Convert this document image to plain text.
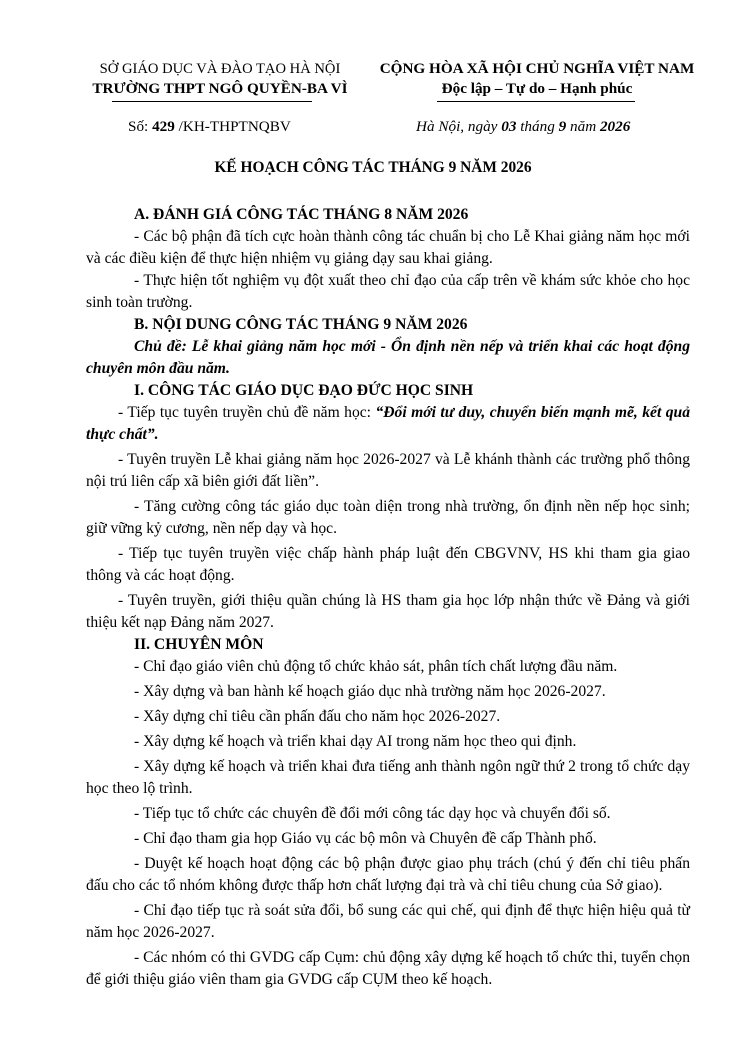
SỞ GIÁO DỤC VÀ ĐÀO TẠO HÀ NỘI

TRƯỜNG THPT NGÔ QUYỀN-BA VÌ

CỘNG HÒA XÃ HỘI CHỦ NGHĨA VIỆT NAM

Độc lập – Tự do – Hạnh phúc

Số: 429 /KH-THPTNQBV	Hà Nội, ngày 03 tháng 9 năm 2026
KẾ HOẠCH CÔNG TÁC THÁNG 9 NĂM 2026

A. ĐÁNH GIÁ CÔNG TÁC THÁNG 8 NĂM 2026

- Các bộ phận đã tích cực hoàn thành công tác chuẩn bị cho Lễ Khai giảng năm học mới và các điều kiện để thực hiện nhiệm vụ giảng dạy sau khai giảng.

- Thực hiện tốt nghiệm vụ đột xuất theo chỉ đạo của cấp trên về khám sức khỏe cho học sinh toàn trường.

B. NỘI DUNG CÔNG TÁC THÁNG 9 NĂM 2026

Chủ đề: Lễ khai giảng năm học mới - Ổn định nền nếp và triển khai các hoạt động chuyên môn đầu năm.

I. CÔNG TÁC GIÁO DỤC ĐẠO ĐỨC HỌC SINH

- Tiếp tục tuyên truyền chủ đề năm học: “Đổi mới tư duy, chuyển biến mạnh mẽ, kết quả thực chất”.

- Tuyên truyền Lễ khai giảng năm học 2026-2027 và Lễ khánh thành các trường phổ thông nội trú liên cấp xã biên giới đất liền”.

- Tăng cường công tác giáo dục toàn diện trong nhà trường, ổn định nền nếp học sinh; giữ vững kỷ cương, nền nếp dạy và học.

- Tiếp tục tuyên truyền việc chấp hành pháp luật đến CBGVNV, HS khi tham gia giao thông và các hoạt động.

- Tuyên truyền, giới thiệu quần chúng là HS tham gia học lớp nhận thức về Đảng và giới thiệu kết nạp Đảng năm 2027.

II. CHUYÊN MÔN

- Chỉ đạo giáo viên chủ động tổ chức khảo sát, phân tích chất lượng đầu năm.

- Xây dựng và ban hành kế hoạch giáo dục nhà trường năm học 2026-2027.

- Xây dựng chỉ tiêu cần phấn đấu cho năm học 2026-2027.

- Xây dựng kế hoạch và triển khai dạy AI trong năm học theo qui định.

- Xây dựng kế hoạch và triển khai đưa tiếng anh thành ngôn ngữ thứ 2 trong tổ chức dạy học theo lộ trình.

- Tiếp tục tổ chức các chuyên đề đổi mới công tác dạy học và chuyển đổi số.

- Chỉ đạo tham gia họp Giáo vụ các bộ môn và Chuyên đề cấp Thành phố.

- Duyệt kế hoạch hoạt động các bộ phận được giao phụ trách (chú ý đến chỉ tiêu phấn đấu cho các tổ nhóm không được thấp hơn chất lượng đại trà và chỉ tiêu chung của Sở giao).

- Chỉ đạo tiếp tục rà soát sửa đổi, bổ sung các qui chế, qui định để thực hiện hiệu quả từ năm học 2026-2027.

- Các nhóm có thi GVDG cấp Cụm: chủ động xây dựng kế hoạch tổ chức thi, tuyển chọn để giới thiệu giáo viên tham gia GVDG cấp CỤM theo kế hoạch.
